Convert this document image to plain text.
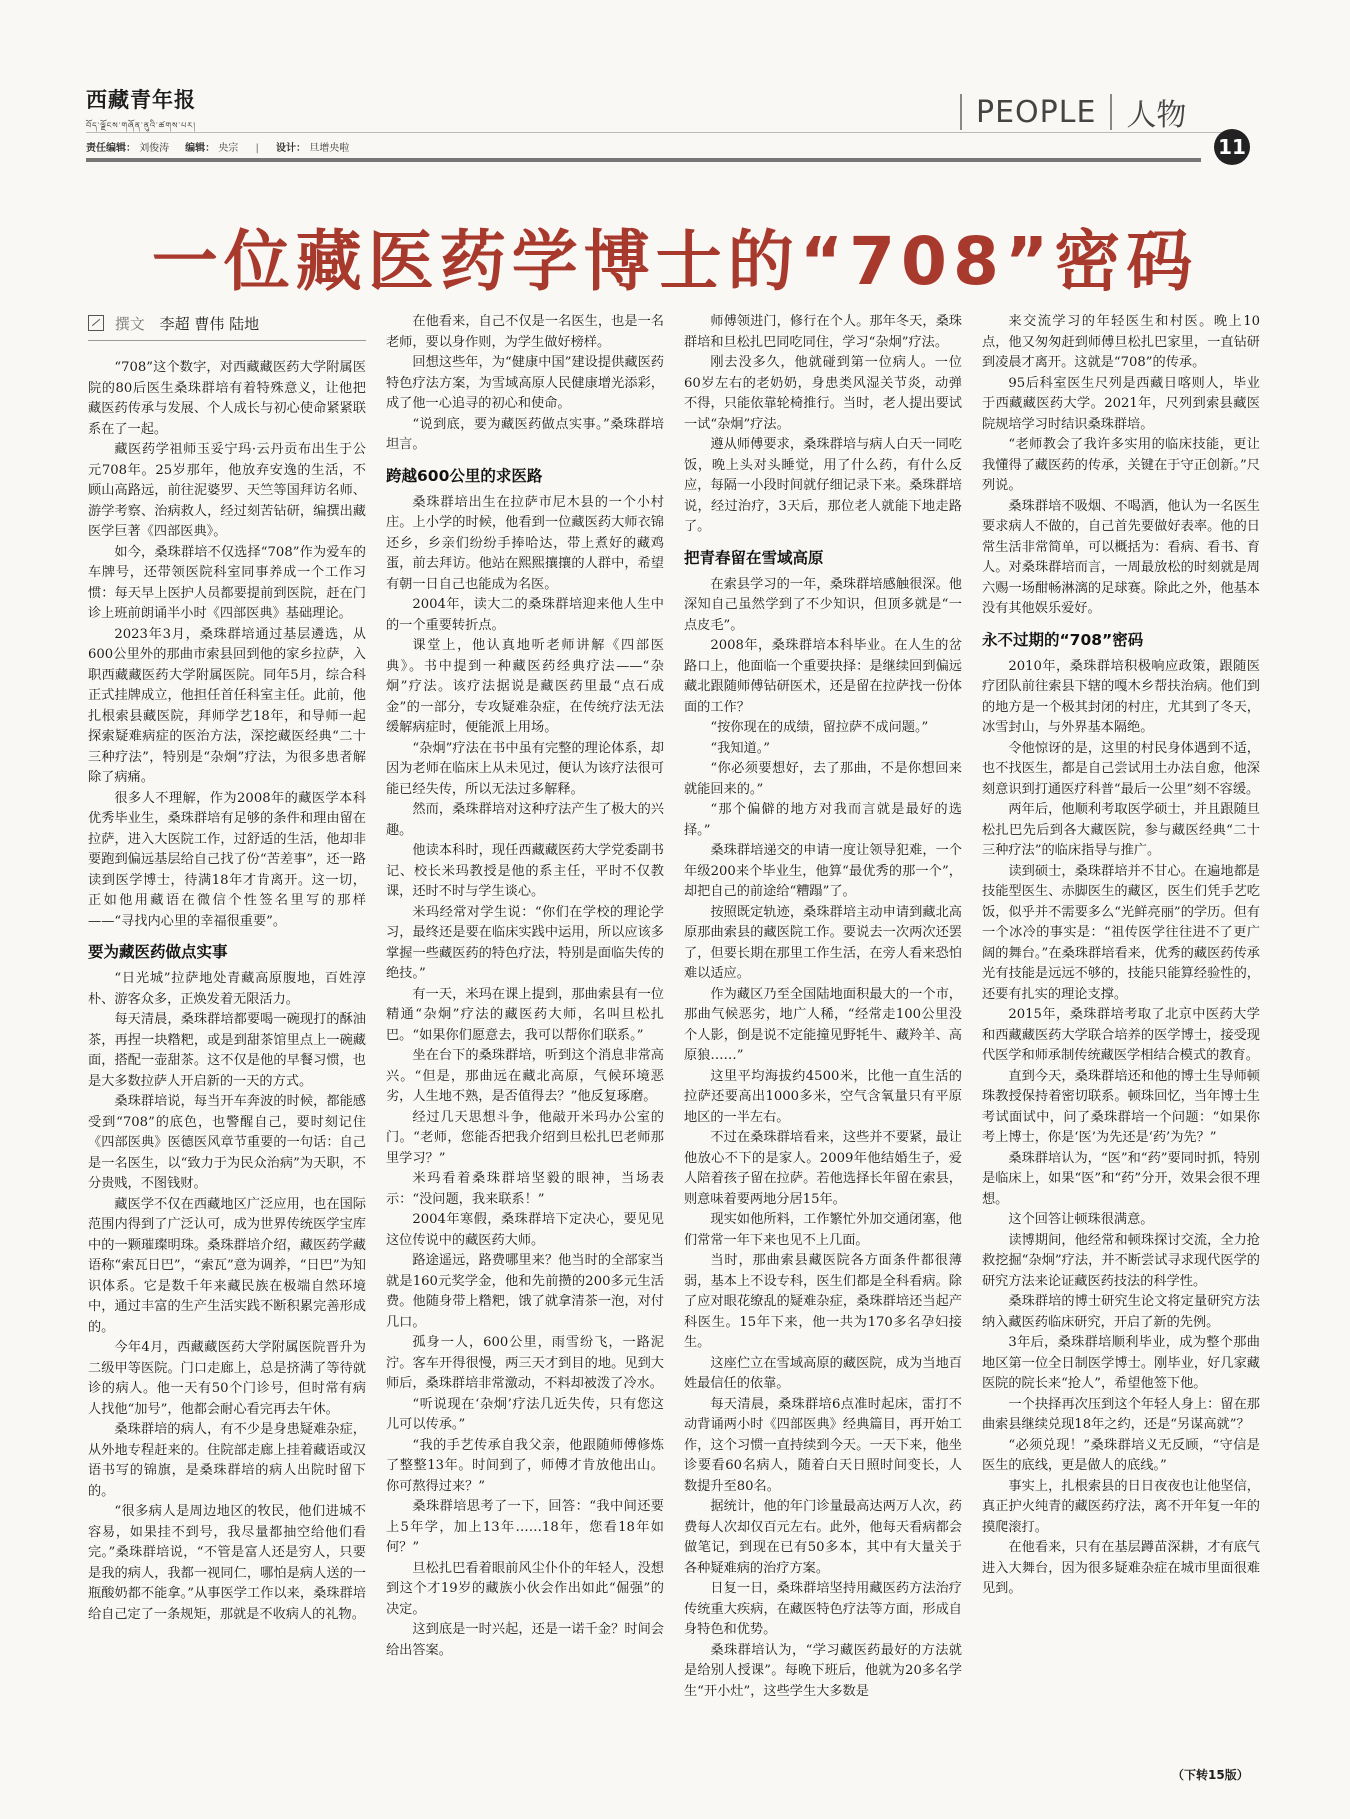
西藏青年报
བོད་ལྗོངས་གཞོན་ནུའི་ཚགས་པར།
责任编辑： 刘俊涛 编辑： 央宗 | 设计： 旦增央啦
PEOPLE 人物
11
一位藏医药学博士的“708”密码
撰文 李超 曹伟 陆地

“708”这个数字，对西藏藏医药大学附属医院的80后医生桑珠群培有着特殊意义，让他把藏医药传承与发展、个人成长与初心使命紧紧联系在了一起。

藏医药学祖师玉妥宁玛·云丹贡布出生于公元708年。25岁那年，他放弃安逸的生活，不顾山高路远，前往泥婆罗、天竺等国拜访名师、游学考察、治病救人，经过刻苦钻研，编撰出藏医学巨著《四部医典》。

如今，桑珠群培不仅选择“708”作为爱车的车牌号，还带领医院科室同事养成一个工作习惯：每天早上医护人员都要提前到医院，赶在门诊上班前朗诵半小时《四部医典》基础理论。

2023年3月，桑珠群培通过基层遴选，从600公里外的那曲市索县回到他的家乡拉萨，入职西藏藏医药大学附属医院。同年5月，综合科正式挂牌成立，他担任首任科室主任。此前，他扎根索县藏医院，拜师学艺18年，和导师一起探索疑难病症的医治方法，深挖藏医经典“二十三种疗法”，特别是“杂炯”疗法，为很多患者解除了病痛。

很多人不理解，作为2008年的藏医学本科优秀毕业生，桑珠群培有足够的条件和理由留在拉萨，进入大医院工作，过舒适的生活，他却非要跑到偏远基层给自己找了份“苦差事”，还一路读到医学博士，待满18年才肯离开。这一切，正如他用藏语在微信个性签名里写的那样——“寻找内心里的幸福很重要”。

要为藏医药做点实事

“日光城”拉萨地处青藏高原腹地，百姓淳朴、游客众多，正焕发着无限活力。

每天清晨，桑珠群培都要喝一碗现打的酥油茶，再捏一块糌粑，或是到甜茶馆里点上一碗藏面，搭配一壶甜茶。这不仅是他的早餐习惯，也是大多数拉萨人开启新的一天的方式。

桑珠群培说，每当开车奔波的时候，都能感受到“708”的底色，也警醒自己，要时刻记住《四部医典》医德医风章节重要的一句话：自己是一名医生，以“致力于为民众治病”为天职，不分贵贱，不图钱财。

藏医学不仅在西藏地区广泛应用，也在国际范围内得到了广泛认可，成为世界传统医学宝库中的一颗璀璨明珠。桑珠群培介绍，藏医药学藏语称“索瓦日巴”，“索瓦”意为调养，“日巴”为知识体系。它是数千年来藏民族在极端自然环境中，通过丰富的生产生活实践不断积累完善形成的。

今年4月，西藏藏医药大学附属医院晋升为二级甲等医院。门口走廊上，总是挤满了等待就诊的病人。他一天有50个门诊号，但时常有病人找他“加号”，他都会耐心看完再去午休。

桑珠群培的病人，有不少是身患疑难杂症，从外地专程赶来的。住院部走廊上挂着藏语或汉语书写的锦旗，是桑珠群培的病人出院时留下的。

“很多病人是周边地区的牧民，他们进城不容易，如果挂不到号，我尽量都抽空给他们看完。”桑珠群培说，“不管是富人还是穷人，只要是我的病人，我都一视同仁，哪怕是病人送的一瓶酸奶都不能拿。”从事医学工作以来，桑珠群培给自己定了一条规矩，那就是不收病人的礼物。

在他看来，自己不仅是一名医生，也是一名老师，要以身作则，为学生做好榜样。

回想这些年，为“健康中国”建设提供藏医药特色疗法方案，为雪域高原人民健康增光添彩，成了他一心追寻的初心和使命。

“说到底，要为藏医药做点实事。”桑珠群培坦言。

跨越600公里的求医路

桑珠群培出生在拉萨市尼木县的一个小村庄。上小学的时候，他看到一位藏医药大师衣锦还乡，乡亲们纷纷手捧哈达，带上煮好的藏鸡蛋，前去拜访。他站在熙熙攘攘的人群中，希望有朝一日自己也能成为名医。

2004年，读大二的桑珠群培迎来他人生中的一个重要转折点。

课堂上，他认真地听老师讲解《四部医典》。书中提到一种藏医药经典疗法——“杂炯”疗法。该疗法据说是藏医药里最“点石成金”的一部分，专攻疑难杂症，在传统疗法无法缓解病症时，便能派上用场。

“杂炯”疗法在书中虽有完整的理论体系，却因为老师在临床上从未见过，便认为该疗法很可能已经失传，所以无法过多解释。

然而，桑珠群培对这种疗法产生了极大的兴趣。

他读本科时，现任西藏藏医药大学党委副书记、校长米玛教授是他的系主任，平时不仅教课，还时不时与学生谈心。

米玛经常对学生说：“你们在学校的理论学习，最终还是要在临床实践中运用，所以应该多掌握一些藏医药的特色疗法，特别是面临失传的绝技。”

有一天，米玛在课上提到，那曲索县有一位精通“杂炯”疗法的藏医药大师，名叫旦松扎巴。“如果你们愿意去，我可以帮你们联系。”

坐在台下的桑珠群培，听到这个消息非常高兴。“但是，那曲远在藏北高原，气候环境恶劣，人生地不熟，是否值得去？”他反复琢磨。

经过几天思想斗争，他敲开米玛办公室的门。“老师，您能否把我介绍到旦松扎巴老师那里学习？”

米玛看着桑珠群培坚毅的眼神，当场表示：“没问题，我来联系！”

2004年寒假，桑珠群培下定决心，要见见这位传说中的藏医药大师。

路途遥远，路费哪里来？他当时的全部家当就是160元奖学金，他和先前攒的200多元生活费。他随身带上糌粑，饿了就拿清茶一泡，对付几口。

孤身一人，600公里，雨雪纷飞，一路泥泞。客车开得很慢，两三天才到目的地。见到大师后，桑珠群培非常激动，不料却被泼了冷水。

“听说现在‘杂炯’疗法几近失传，只有您这儿可以传承。”

“我的手艺传承自我父亲，他跟随师傅修炼了整整13年。时间到了，师傅才肯放他出山。你可熬得过来？”

桑珠群培思考了一下，回答：“我中间还要上5年学，加上13年……18年，您看18年如何？”

旦松扎巴看着眼前风尘仆仆的年轻人，没想到这个才19岁的藏族小伙会作出如此“倔强”的决定。

这到底是一时兴起，还是一诺千金？时间会给出答案。

师傅领进门，修行在个人。那年冬天，桑珠群培和旦松扎巴同吃同住，学习“杂炯”疗法。

刚去没多久，他就碰到第一位病人。一位60岁左右的老奶奶，身患类风湿关节炎，动弹不得，只能依靠轮椅推行。当时，老人提出要试一试“杂炯”疗法。

遵从师傅要求，桑珠群培与病人白天一同吃饭，晚上头对头睡觉，用了什么药，有什么反应，每隔一小段时间就仔细记录下来。桑珠群培说，经过治疗，3天后，那位老人就能下地走路了。

把青春留在雪域高原

在索县学习的一年，桑珠群培感触很深。他深知自己虽然学到了不少知识，但顶多就是“一点皮毛”。

2008年，桑珠群培本科毕业。在人生的岔路口上，他面临一个重要抉择：是继续回到偏远藏北跟随师傅钻研医术，还是留在拉萨找一份体面的工作？

“按你现在的成绩，留拉萨不成问题。”

“我知道。”

“你必须要想好，去了那曲，不是你想回来就能回来的。”

“那个偏僻的地方对我而言就是最好的选择。”

桑珠群培递交的申请一度让领导犯难，一个年级200来个毕业生，他算“最优秀的那一个”，却把自己的前途给“糟蹋”了。

按照既定轨迹，桑珠群培主动申请到藏北高原那曲索县的藏医院工作。要说去一次两次还罢了，但要长期在那里工作生活，在旁人看来恐怕难以适应。

作为藏区乃至全国陆地面积最大的一个市，那曲气候恶劣，地广人稀，“经常走100公里没个人影，倒是说不定能撞见野牦牛、藏羚羊、高原狼……”

这里平均海拔约4500米，比他一直生活的拉萨还要高出1000多米，空气含氧量只有平原地区的一半左右。

不过在桑珠群培看来，这些并不要紧，最让他放心不下的是家人。2009年他结婚生子，爱人陪着孩子留在拉萨。若他选择长年留在索县，则意味着要两地分居15年。

现实如他所料，工作繁忙外加交通闭塞，他们常常一年下来也见不上几面。

当时，那曲索县藏医院各方面条件都很薄弱，基本上不设专科，医生们都是全科看病。除了应对眼花缭乱的疑难杂症，桑珠群培还当起产科医生。15年下来，他一共为170多名孕妇接生。

这座伫立在雪域高原的藏医院，成为当地百姓最信任的依靠。

每天清晨，桑珠群培6点准时起床，雷打不动背诵两小时《四部医典》经典篇目，再开始工作，这个习惯一直持续到今天。一天下来，他坐诊要看60名病人，随着白天日照时间变长，人数提升至80名。

据统计，他的年门诊量最高达两万人次，药费每人次却仅百元左右。此外，他每天看病都会做笔记，到现在已有50多本，其中有大量关于各种疑难病的治疗方案。

日复一日，桑珠群培坚持用藏医药方法治疗传统重大疾病，在藏医特色疗法等方面，形成自身特色和优势。

桑珠群培认为，“学习藏医药最好的方法就是给别人授课”。每晚下班后，他就为20多名学生“开小灶”，这些学生大多数是

来交流学习的年轻医生和村医。晚上10点，他又匆匆赶到师傅旦松扎巴家里，一直钻研到凌晨才离开。这就是“708”的传承。

95后科室医生尺列是西藏日喀则人，毕业于西藏藏医药大学。2021年，尺列到索县藏医院规培学习时结识桑珠群培。

“老师教会了我许多实用的临床技能，更让我懂得了藏医药的传承，关键在于守正创新。”尺列说。

桑珠群培不吸烟、不喝酒，他认为一名医生要求病人不做的，自己首先要做好表率。他的日常生活非常简单，可以概括为：看病、看书、育人。对桑珠群培而言，一周最放松的时刻就是周六赐一场酣畅淋漓的足球赛。除此之外，他基本没有其他娱乐爱好。

永不过期的“708”密码

2010年，桑珠群培积极响应政策，跟随医疗团队前往索县下辖的嘎木乡帮扶治病。他们到的地方是一个极其封闭的村庄，尤其到了冬天，冰雪封山，与外界基本隔绝。

令他惊讶的是，这里的村民身体遇到不适，也不找医生，都是自己尝试用土办法自愈，他深刻意识到打通医疗科普“最后一公里”刻不容缓。

两年后，他顺利考取医学硕士，并且跟随旦松扎巴先后到各大藏医院，参与藏医经典“二十三种疗法”的临床指导与推广。

读到硕士，桑珠群培并不甘心。在遍地都是技能型医生、赤脚医生的藏区，医生们凭手艺吃饭，似乎并不需要多么“光鲜亮丽”的学历。但有一个冰冷的事实是：“祖传医学往往进不了更广阔的舞台。”在桑珠群培看来，优秀的藏医药传承光有技能是远远不够的，技能只能算经验性的，还要有扎实的理论支撑。

2015年，桑珠群培考取了北京中医药大学和西藏藏医药大学联合培养的医学博士，接受现代医学和师承制传统藏医学相结合模式的教育。

直到今天，桑珠群培还和他的博士生导师顿珠教授保持着密切联系。顿珠回忆，当年博士生考试面试中，问了桑珠群培一个问题：“如果你考上博士，你是‘医’为先还是‘药’为先？”

桑珠群培认为，“医”和“药”要同时抓，特别是临床上，如果“医”和“药”分开，效果会很不理想。

这个回答让顿珠很满意。

读博期间，他经常和顿珠探讨交流，全力抢救挖掘“杂炯”疗法，并不断尝试寻求现代医学的研究方法来论证藏医药技法的科学性。

桑珠群培的博士研究生论文将定量研究方法纳入藏医药临床研究，开启了新的先例。

3年后，桑珠群培顺利毕业，成为整个那曲地区第一位全日制医学博士。刚毕业，好几家藏医院的院长来“抢人”，希望他签下他。

一个抉择再次压到这个年轻人身上：留在那曲索县继续兑现18年之约，还是“另谋高就”？

“必须兑现！”桑珠群培义无反顾，“守信是医生的底线，更是做人的底线。”

事实上，扎根索县的日日夜夜也让他坚信，真正护火纯青的藏医药疗法，离不开年复一年的摸爬滚打。

在他看来，只有在基层蹲苗深耕，才有底气进入大舞台，因为很多疑难杂症在城市里面很难见到。

（下转15版）
